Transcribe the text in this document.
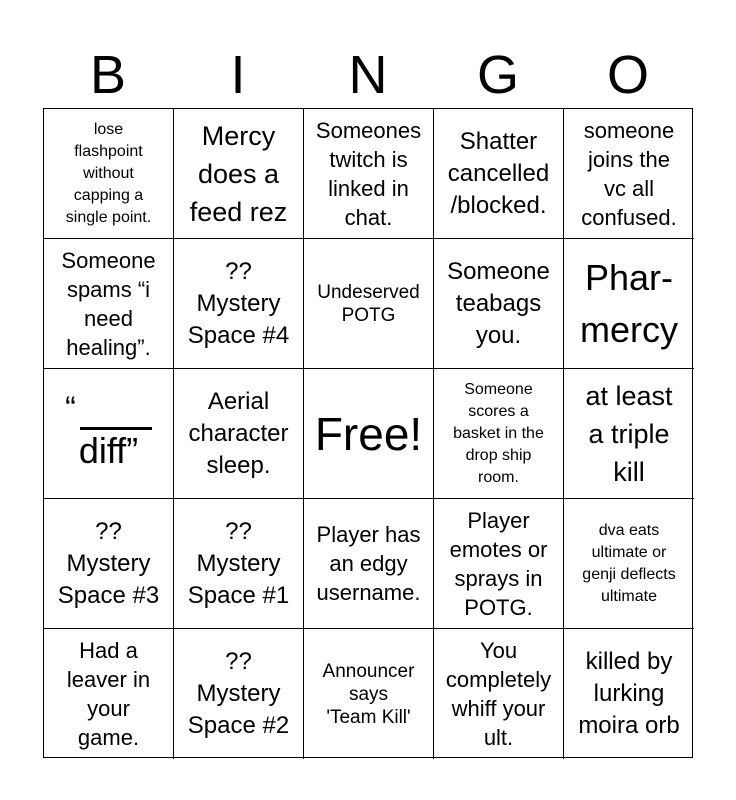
B	I	N	G	O
lose
flashpoint
without
capping a
single point.
Mercy
does a
feed rez
Someones
twitch is
linked in
chat.
Shatter
cancelled
/blocked.
someone
joins the
vc all
confused.
Someone
spams “i
need
healing”.
??
Mystery
Space #4
Undeserved
POTG
Someone
teabags
you.
Phar-
mercy
“
diff”
Aerial
character
sleep.
Free!
Someone
scores a
basket in the
drop ship
room.
at least
a triple
kill
??
Mystery
Space #3
??
Mystery
Space #1
Player has
an edgy
username.
Player
emotes or
sprays in
POTG.
dva eats
ultimate or
genji deflects
ultimate
Had a
leaver in
your
game.
??
Mystery
Space #2
Announcer
says
'Team Kill'
You
completely
whiff your
ult.
killed by
lurking
moira orb
